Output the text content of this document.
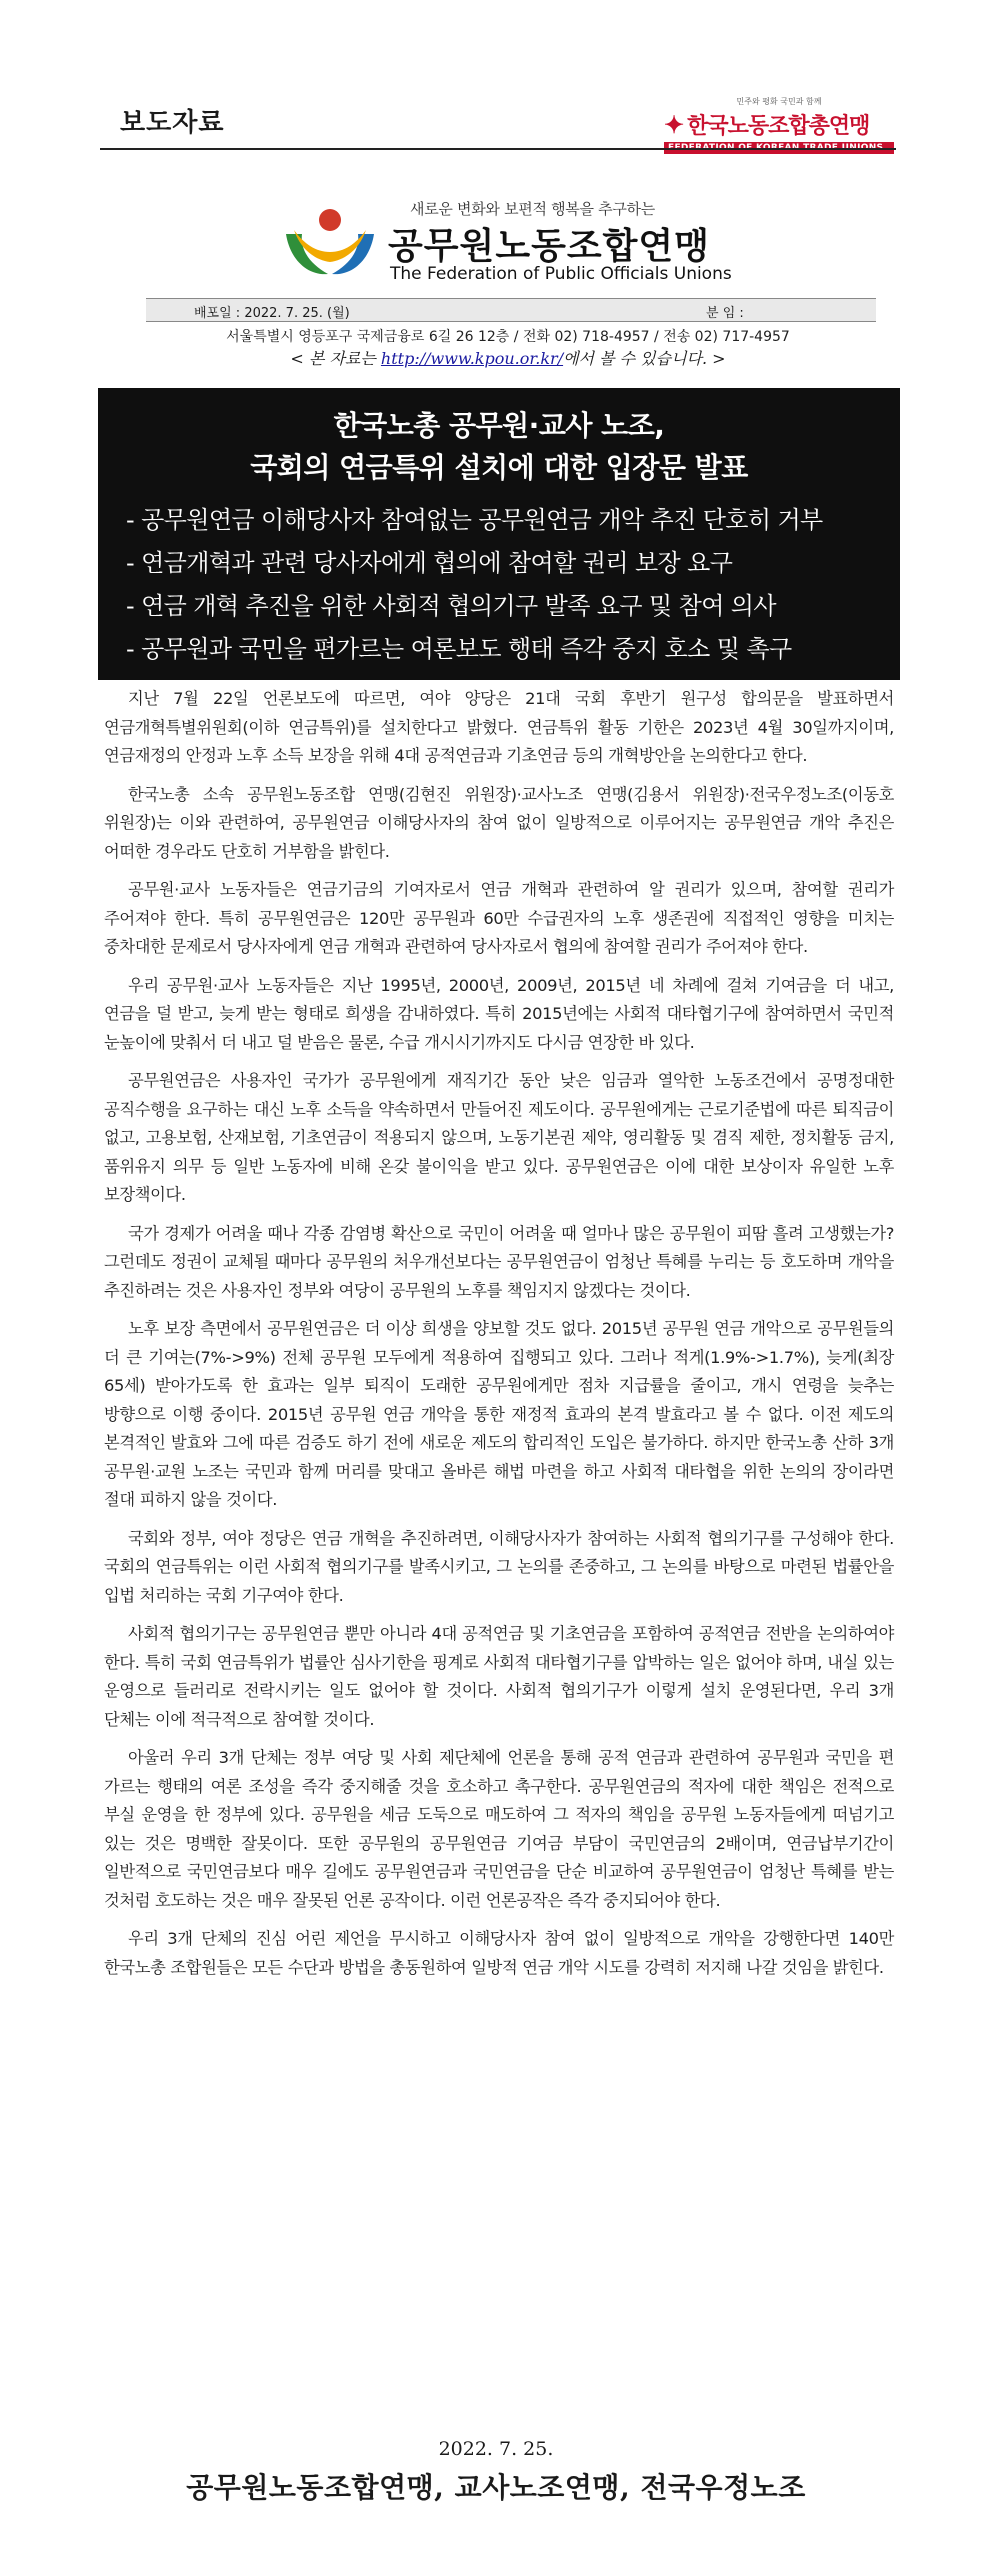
보도자료
민주와 평화 국민과 함께
✦ 한국노동조합총연맹
FEDERATION OF KOREAN TRADE UNIONS
새로운 변화와 보편적 행복을 추구하는
공무원노동조합연맹
The Federation of Public Officials Unions
배포일 : 2022. 7. 25. (월)	분 임 :
서울특별시 영등포구 국제금융로 6길 26 12층 / 전화 02) 718-4957 / 전송 02) 717-4957
< 본 자료는 http://www.kpou.or.kr/에서 볼 수 있습니다. >
한국노총 공무원·교사 노조,
국회의 연금특위 설치에 대한 입장문 발표
- 공무원연금 이해당사자 참여없는 공무원연금 개악 추진 단호히 거부
- 연금개혁과 관련 당사자에게 협의에 참여할 권리 보장 요구
- 연금 개혁 추진을 위한 사회적 협의기구 발족 요구 및 참여 의사
- 공무원과 국민을 편가르는 여론보도 행태 즉각 중지 호소 및 촉구

지난 7월 22일 언론보도에 따르면, 여야 양당은 21대 국회 후반기 원구성 합의문을 발표하면서 연금개혁특별위원회(이하 연금특위)를 설치한다고 밝혔다. 연금특위 활동 기한은 2023년 4월 30일까지이며, 연금재정의 안정과 노후 소득 보장을 위해 4대 공적연금과 기초연금 등의 개혁방안을 논의한다고 한다.

한국노총 소속 공무원노동조합 연맹(김현진 위원장)·교사노조 연맹(김용서 위원장)·전국우정노조(이동호 위원장)는 이와 관련하여, 공무원연금 이해당사자의 참여 없이 일방적으로 이루어지는 공무원연금 개악 추진은 어떠한 경우라도 단호히 거부함을 밝힌다.

공무원·교사 노동자들은 연금기금의 기여자로서 연금 개혁과 관련하여 알 권리가 있으며, 참여할 권리가 주어져야 한다. 특히 공무원연금은 120만 공무원과 60만 수급권자의 노후 생존권에 직접적인 영향을 미치는 중차대한 문제로서 당사자에게 연금 개혁과 관련하여 당사자로서 협의에 참여할 권리가 주어져야 한다.

우리 공무원·교사 노동자들은 지난 1995년, 2000년, 2009년, 2015년 네 차례에 걸쳐 기여금을 더 내고, 연금을 덜 받고, 늦게 받는 형태로 희생을 감내하였다. 특히 2015년에는 사회적 대타협기구에 참여하면서 국민적 눈높이에 맞춰서 더 내고 덜 받음은 물론, 수급 개시시기까지도 다시금 연장한 바 있다.

공무원연금은 사용자인 국가가 공무원에게 재직기간 동안 낮은 임금과 열악한 노동조건에서 공명정대한 공직수행을 요구하는 대신 노후 소득을 약속하면서 만들어진 제도이다. 공무원에게는 근로기준법에 따른 퇴직금이 없고, 고용보험, 산재보험, 기초연금이 적용되지 않으며, 노동기본권 제약, 영리활동 및 겸직 제한, 정치활동 금지, 품위유지 의무 등 일반 노동자에 비해 온갖 불이익을 받고 있다. 공무원연금은 이에 대한 보상이자 유일한 노후 보장책이다.

국가 경제가 어려울 때나 각종 감염병 확산으로 국민이 어려울 때 얼마나 많은 공무원이 피땀 흘려 고생했는가? 그런데도 정권이 교체될 때마다 공무원의 처우개선보다는 공무원연금이 엄청난 특혜를 누리는 등 호도하며 개악을 추진하려는 것은 사용자인 정부와 여당이 공무원의 노후를 책임지지 않겠다는 것이다.

노후 보장 측면에서 공무원연금은 더 이상 희생을 양보할 것도 없다. 2015년 공무원 연금 개악으로 공무원들의 더 큰 기여는(7%->9%) 전체 공무원 모두에게 적용하여 집행되고 있다. 그러나 적게(1.9%->1.7%), 늦게(최장 65세) 받아가도록 한 효과는 일부 퇴직이 도래한 공무원에게만 점차 지급률을 줄이고, 개시 연령을 늦추는 방향으로 이행 중이다. 2015년 공무원 연금 개악을 통한 재정적 효과의 본격 발효라고 볼 수 없다. 이전 제도의 본격적인 발효와 그에 따른 검증도 하기 전에 새로운 제도의 합리적인 도입은 불가하다. 하지만 한국노총 산하 3개 공무원·교원 노조는 국민과 함께 머리를 맞대고 올바른 해법 마련을 하고 사회적 대타협을 위한 논의의 장이라면 절대 피하지 않을 것이다.

국회와 정부, 여야 정당은 연금 개혁을 추진하려면, 이해당사자가 참여하는 사회적 협의기구를 구성해야 한다. 국회의 연금특위는 이런 사회적 협의기구를 발족시키고, 그 논의를 존중하고, 그 논의를 바탕으로 마련된 법률안을 입법 처리하는 국회 기구여야 한다.

사회적 협의기구는 공무원연금 뿐만 아니라 4대 공적연금 및 기초연금을 포함하여 공적연금 전반을 논의하여야 한다. 특히 국회 연금특위가 법률안 심사기한을 핑계로 사회적 대타협기구를 압박하는 일은 없어야 하며, 내실 있는 운영으로 들러리로 전락시키는 일도 없어야 할 것이다. 사회적 협의기구가 이렇게 설치 운영된다면, 우리 3개 단체는 이에 적극적으로 참여할 것이다.

아울러 우리 3개 단체는 정부 여당 및 사회 제단체에 언론을 통해 공적 연금과 관련하여 공무원과 국민을 편 가르는 행태의 여론 조성을 즉각 중지해줄 것을 호소하고 촉구한다. 공무원연금의 적자에 대한 책임은 전적으로 부실 운영을 한 정부에 있다. 공무원을 세금 도둑으로 매도하여 그 적자의 책임을 공무원 노동자들에게 떠넘기고 있는 것은 명백한 잘못이다. 또한 공무원의 공무원연금 기여금 부담이 국민연금의 2배이며, 연금납부기간이 일반적으로 국민연금보다 매우 길에도 공무원연금과 국민연금을 단순 비교하여 공무원연금이 엄청난 특혜를 받는 것처럼 호도하는 것은 매우 잘못된 언론 공작이다. 이런 언론공작은 즉각 중지되어야 한다.

우리 3개 단체의 진심 어린 제언을 무시하고 이해당사자 참여 없이 일방적으로 개악을 강행한다면 140만 한국노총 조합원들은 모든 수단과 방법을 총동원하여 일방적 연금 개악 시도를 강력히 저지해 나갈 것임을 밝힌다.

2022. 7. 25.
공무원노동조합연맹, 교사노조연맹, 전국우정노조
